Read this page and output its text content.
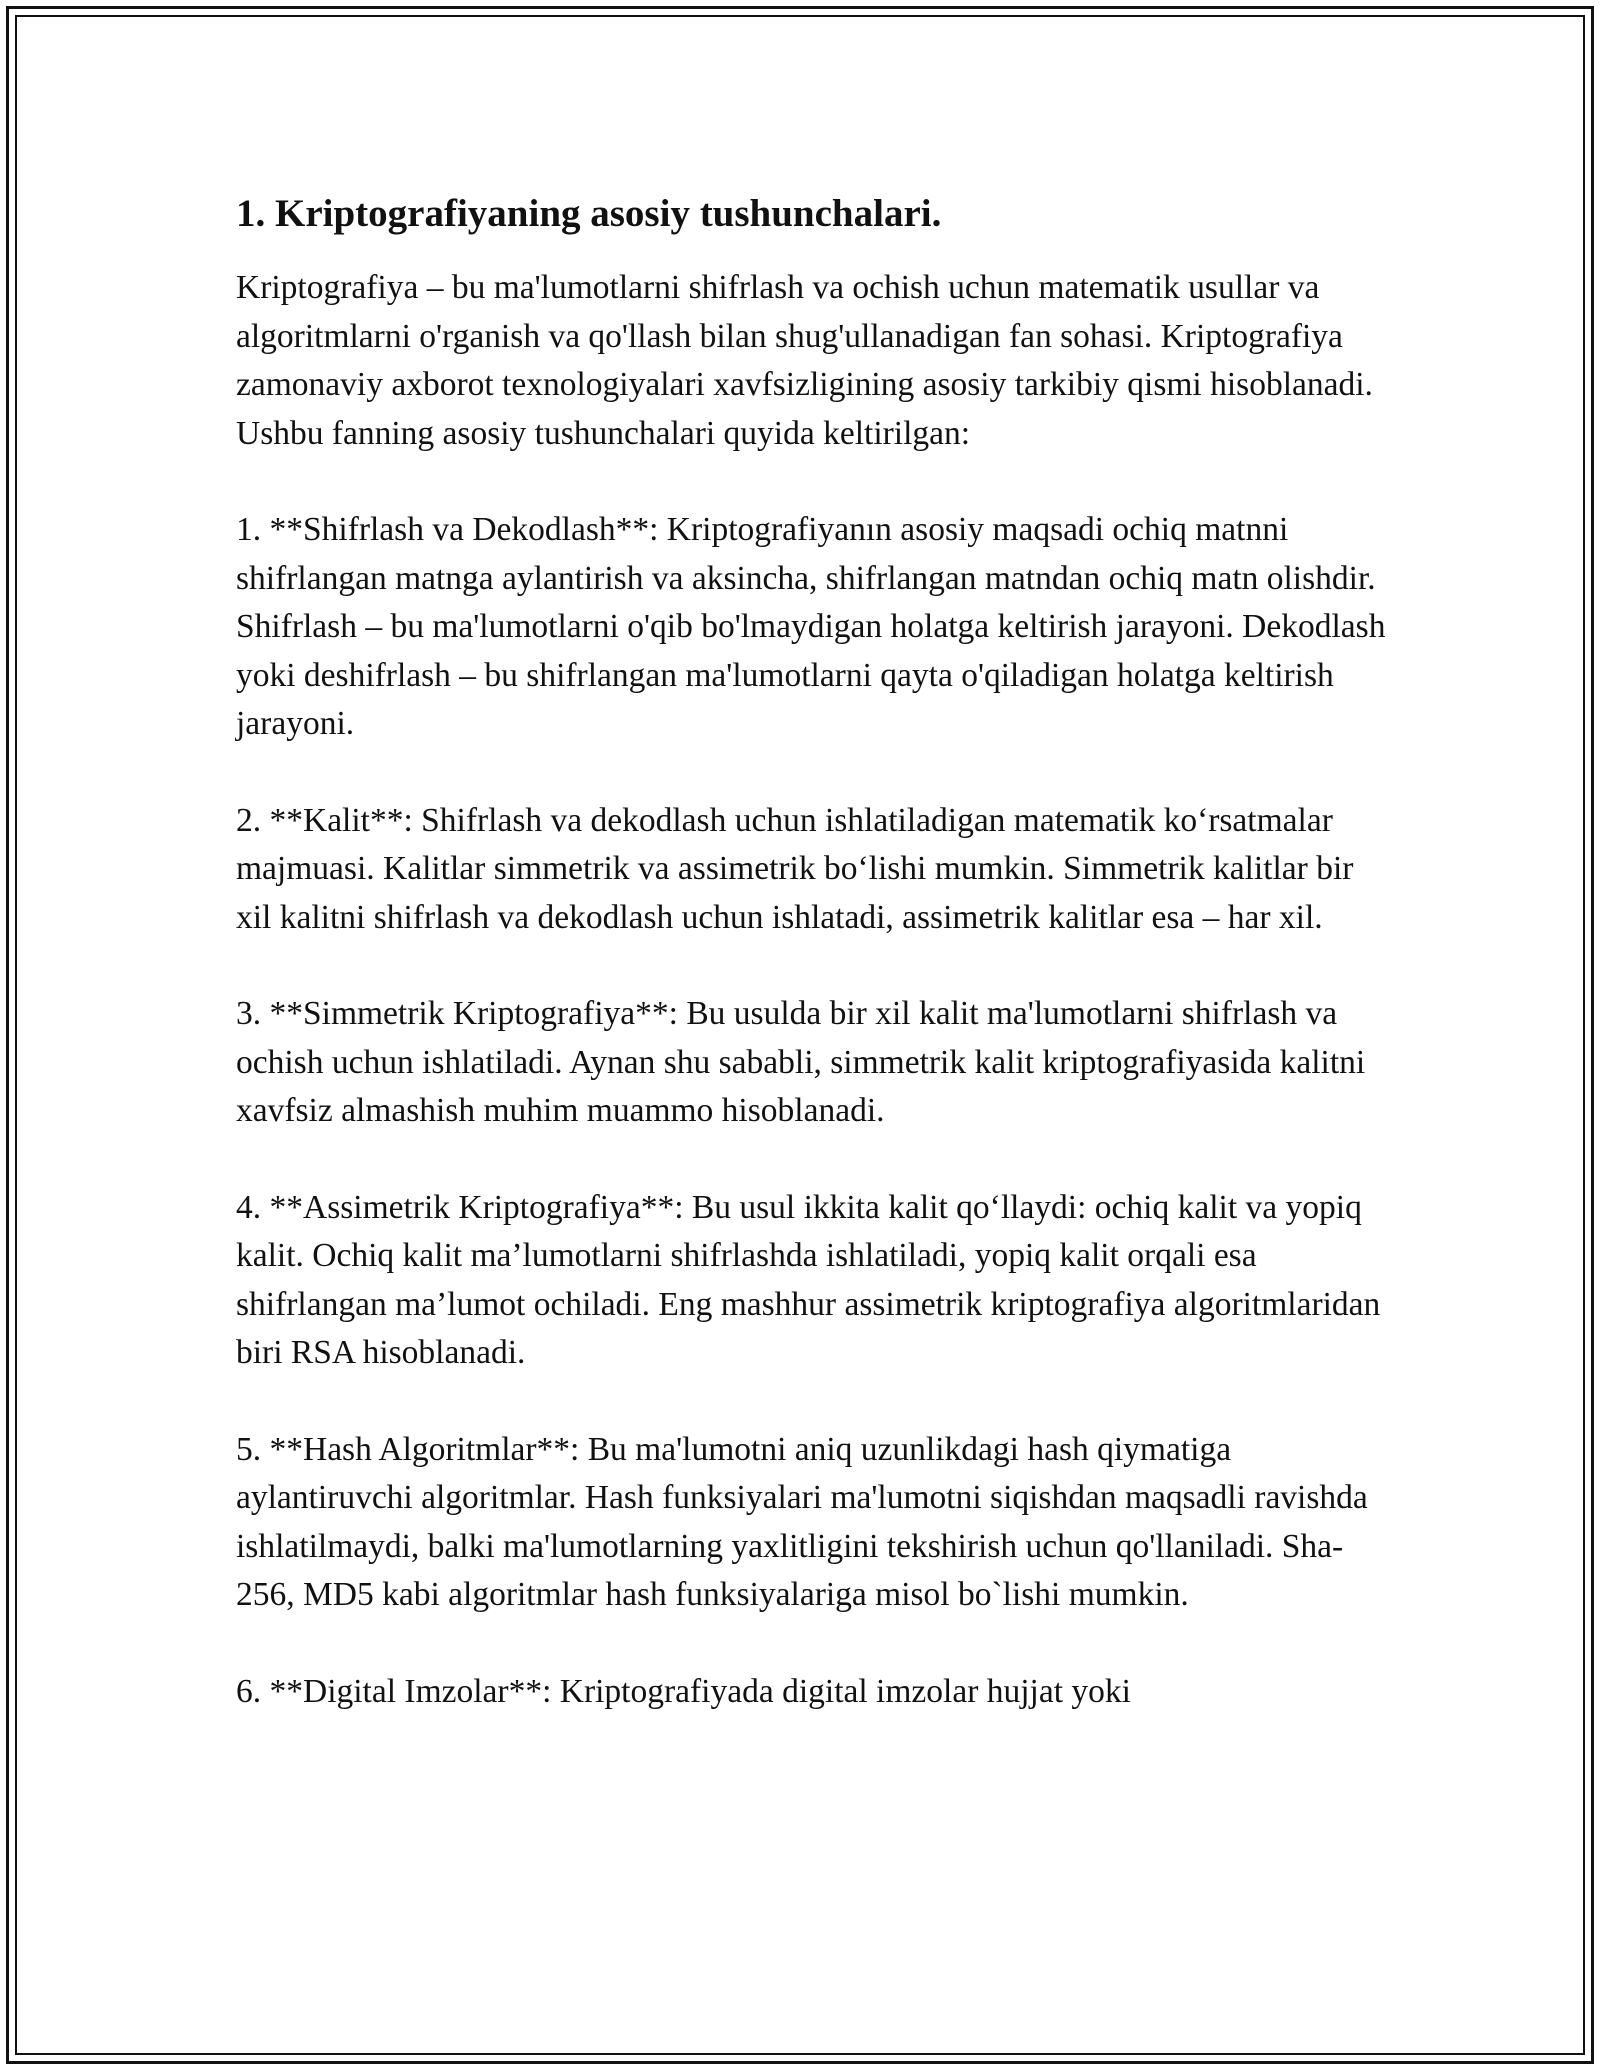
1. Kriptografiyaning asosiy tushunchalari.

Kriptografiya – bu ma'lumotlarni shifrlash va ochish uchun matematik usullar va algoritmlarni o'rganish va qo'llash bilan shug'ullanadigan fan sohasi. Kriptografiya zamonaviy axborot texnologiyalari xavfsizligining asosiy tarkibiy qismi hisoblanadi. Ushbu fanning asosiy tushunchalari quyida keltirilgan:

1. **Shifrlash va Dekodlash**: Kriptografiyanın asosiy maqsadi ochiq matnni shifrlangan matnga aylantirish va aksincha, shifrlangan matndan ochiq matn olishdir. Shifrlash – bu ma'lumotlarni o'qib bo'lmaydigan holatga keltirish jarayoni. Dekodlash yoki deshifrlash – bu shifrlangan ma'lumotlarni qayta o'qiladigan holatga keltirish jarayoni.

2. **Kalit**: Shifrlash va dekodlash uchun ishlatiladigan matematik ko‘rsatmalar majmuasi. Kalitlar simmetrik va assimetrik bo‘lishi mumkin. Simmetrik kalitlar bir xil kalitni shifrlash va dekodlash uchun ishlatadi, assimetrik kalitlar esa – har xil.

3. **Simmetrik Kriptografiya**: Bu usulda bir xil kalit ma'lumotlarni shifrlash va ochish uchun ishlatiladi. Aynan shu sababli, simmetrik kalit kriptografiyasida kalitni xavfsiz almashish muhim muammo hisoblanadi.

4. **Assimetrik Kriptografiya**: Bu usul ikkita kalit qo‘llaydi: ochiq kalit va yopiq kalit. Ochiq kalit ma’lumotlarni shifrlashda ishlatiladi, yopiq kalit orqali esa shifrlangan ma’lumot ochiladi. Eng mashhur assimetrik kriptografiya algoritmlaridan biri RSA hisoblanadi.

5. **Hash Algoritmlar**: Bu ma'lumotni aniq uzunlikdagi hash qiymatiga aylantiruvchi algoritmlar. Hash funksiyalari ma'lumotni siqishdan maqsadli ravishda ishlatilmaydi, balki ma'lumotlarning yaxlitligini tekshirish uchun qo'llaniladi. Sha-256, MD5 kabi algoritmlar hash funksiyalariga misol bo`lishi mumkin.

6. **Digital Imzolar**: Kriptografiyada digital imzolar hujjat yoki
